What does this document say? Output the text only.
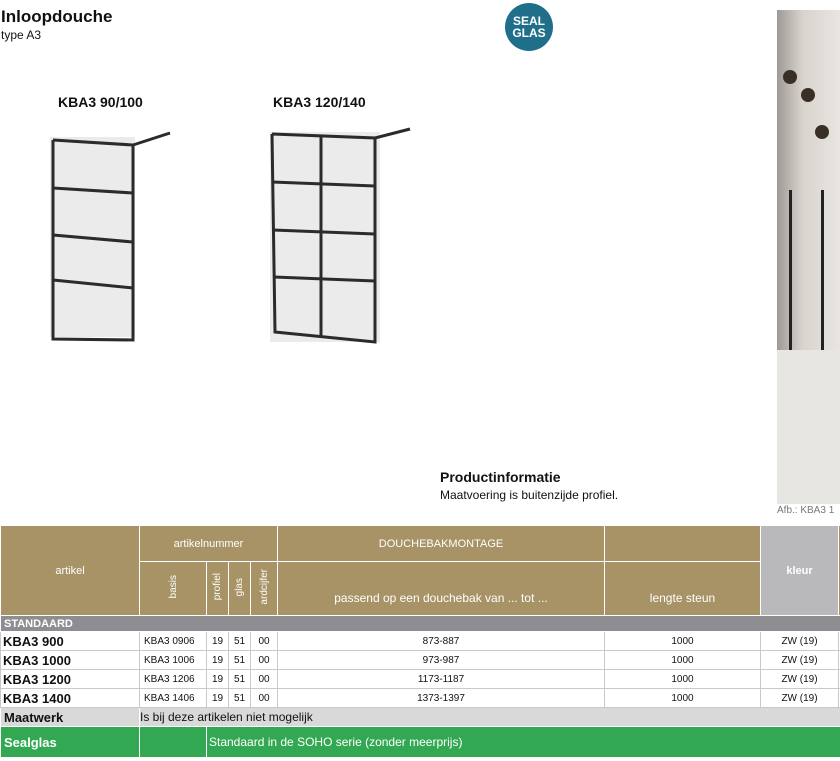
Inloopdouche
type A3
SEAL
GLAS
KBA3 90/100	KBA3 120/140
Afb.: KBA3 1
Productinformatie
Maatvoering is buitenzijde profiel.
artikel	artikelnummer				DOUCHEBAKMONTAGE		kleur	
	basis	profiel	glas	ardcijfer	passend op een douchebak van ... tot ...	lengte steun		
STANDAARD								
KBA3 900	KBA3 0906	19	51	00	873-887	1000	ZW (19)	
KBA3 1000	KBA3 1006	19	51	00	973-987	1000	ZW (19)	
KBA3 1200	KBA3 1206	19	51	00	1173-1187	1000	ZW (19)	
KBA3 1400	KBA3 1406	19	51	00	1373-1397	1000	ZW (19)	
Maatwerk	Is bij deze artikelen niet mogelijk							
Sealglas		Standaard in de SOHO serie (zonder meerprijs)						
